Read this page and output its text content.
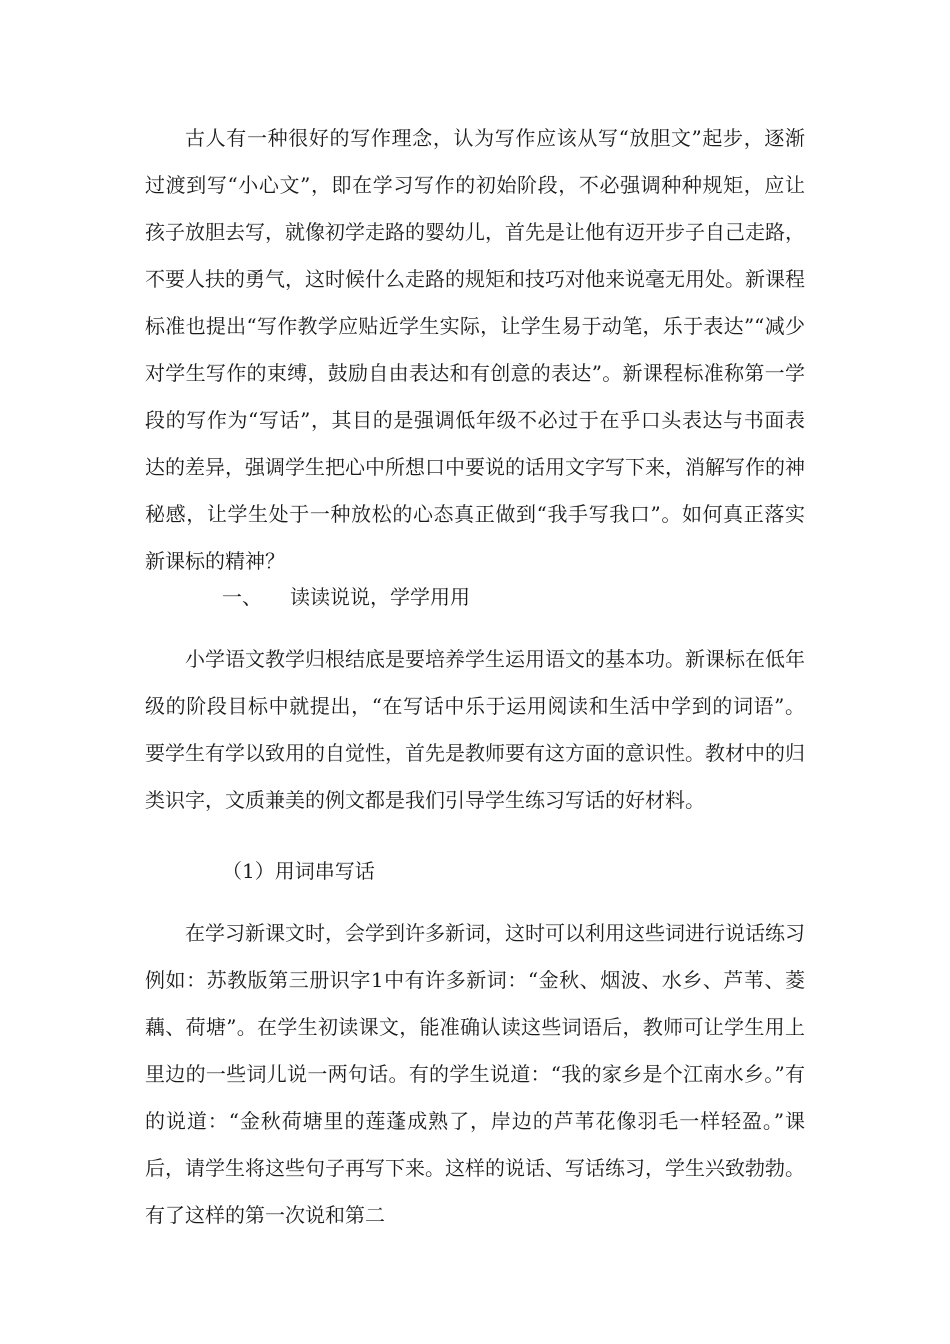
古人有一种很好的写作理念，认为写作应该从写“放胆文”起步，逐渐过渡到写“小心文”，即在学习写作的初始阶段，不必强调种种规矩，应让孩子放胆去写，就像初学走路的婴幼儿，首先是让他有迈开步子自己走路，不要人扶的勇气，这时候什么走路的规矩和技巧对他来说毫无用处。新课程标准也提出“写作教学应贴近学生实际，让学生易于动笔，乐于表达”“减少对学生写作的束缚，鼓励自由表达和有创意的表达”。新课程标准称第一学段的写作为“写话”，其目的是强调低年级不必过于在乎口头表达与书面表达的差异，强调学生把心中所想口中要说的话用文字写下来，消解写作的神秘感，让学生处于一种放松的心态真正做到“我手写我口”。如何真正落实新课标的精神？

一、 读读说说，学学用用

小学语文教学归根结底是要培养学生运用语文的基本功。新课标在低年级的阶段目标中就提出，“在写话中乐于运用阅读和生活中学到的词语”。要学生有学以致用的自觉性，首先是教师要有这方面的意识性。教材中的归类识字，文质兼美的例文都是我们引导学生练习写话的好材料。

（1）用词串写话

在学习新课文时，会学到许多新词，这时可以利用这些词进行说话练习例如：苏教版第三册识字1中有许多新词：“金秋、烟波、水乡、芦苇、菱藕、荷塘”。在学生初读课文，能准确认读这些词语后，教师可让学生用上里边的一些词儿说一两句话。有的学生说道：“我的家乡是个江南水乡。”有的说道：“金秋荷塘里的莲蓬成熟了，岸边的芦苇花像羽毛一样轻盈。”课后，请学生将这些句子再写下来。这样的说话、写话练习，学生兴致勃勃。有了这样的第一次说和第二
